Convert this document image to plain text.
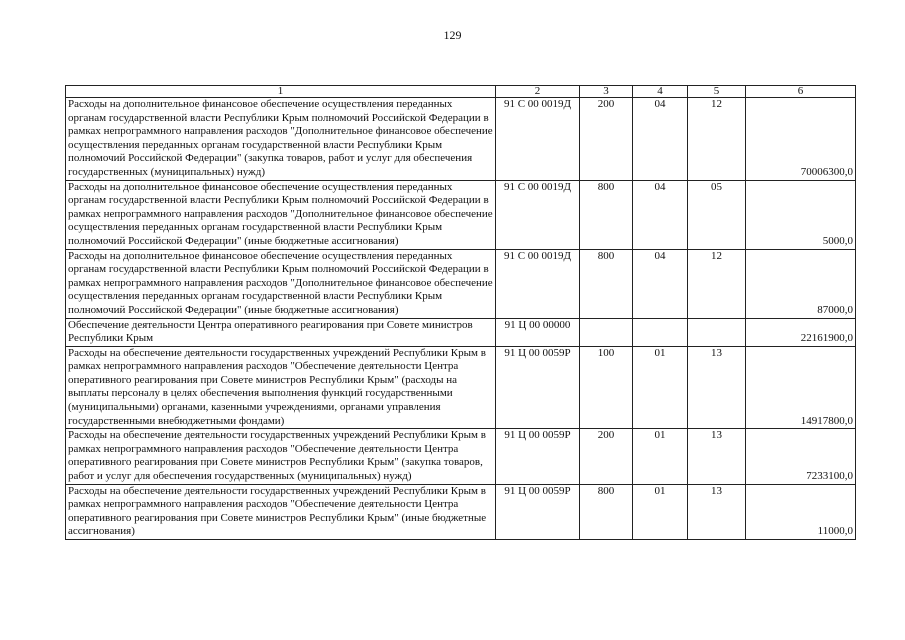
129
1	2	3	4	5	6
Расходы на дополнительное финансовое обеспечение осуществления переданных органам государственной власти Республики Крым полномочий Российской Федерации в рамках непрограммного направления расходов "Дополнительное финансовое обеспечение осуществления переданных органам государственной власти Республики Крым полномочий Российской Федерации" (закупка товаров, работ и услуг для обеспечения государственных (муниципальных) нужд)	91 С 00 0019Д	200	04	12	70006300,0
Расходы на дополнительное финансовое обеспечение осуществления переданных органам государственной власти Республики Крым полномочий Российской Федерации в рамках непрограммного направления расходов "Дополнительное финансовое обеспечение осуществления переданных органам государственной власти Республики Крым полномочий Российской Федерации" (иные бюджетные ассигнования)	91 С 00 0019Д	800	04	05	5000,0
Расходы на дополнительное финансовое обеспечение осуществления переданных органам государственной власти Республики Крым полномочий Российской Федерации в рамках непрограммного направления расходов "Дополнительное финансовое обеспечение осуществления переданных органам государственной власти Республики Крым полномочий Российской Федерации" (иные бюджетные ассигнования)	91 С 00 0019Д	800	04	12	87000,0
Обеспечение деятельности Центра оперативного реагирования при Совете министров Республики Крым	91 Ц 00 00000				22161900,0
Расходы на обеспечение деятельности государственных учреждений Республики Крым в рамках непрограммного направления расходов "Обеспечение деятельности Центра оперативного реагирования при Совете министров Республики Крым" (расходы на выплаты персоналу в целях обеспечения выполнения функций государственными (муниципальными) органами, казенными учреждениями, органами управления государственными внебюджетными фондами)	91 Ц 00 0059Р	100	01	13	14917800,0
Расходы на обеспечение деятельности государственных учреждений Республики Крым в рамках непрограммного направления расходов "Обеспечение деятельности Центра оперативного реагирования при Совете министров Республики Крым" (закупка товаров, работ и услуг для обеспечения государственных (муниципальных) нужд)	91 Ц 00 0059Р	200	01	13	7233100,0
Расходы на обеспечение деятельности государственных учреждений Республики Крым в рамках непрограммного направления расходов "Обеспечение деятельности Центра оперативного реагирования при Совете министров Республики Крым" (иные бюджетные ассигнования)	91 Ц 00 0059Р	800	01	13	11000,0
